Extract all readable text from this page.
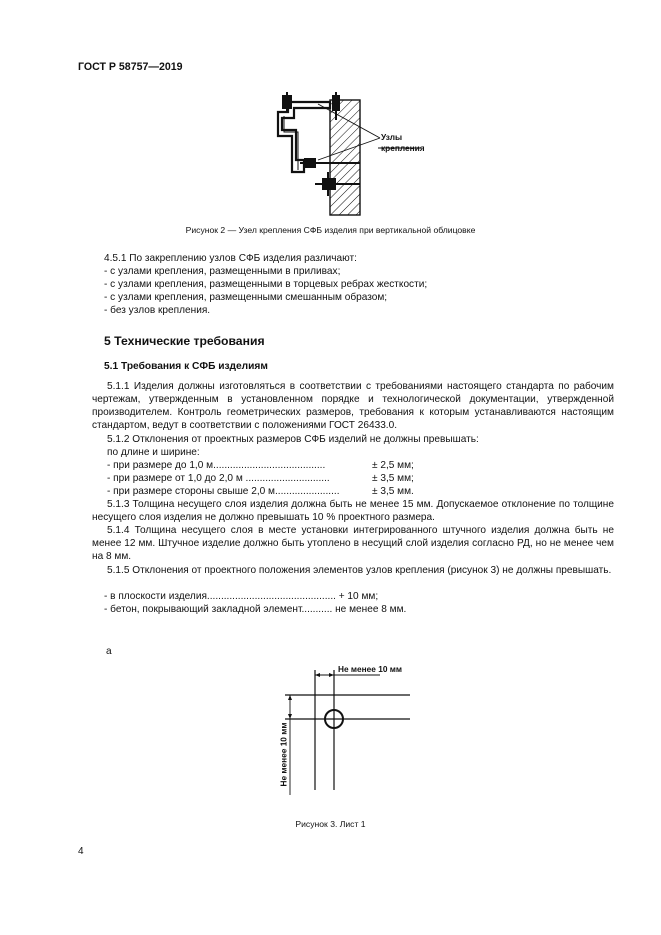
ГОСТ Р 58757—2019
Узлы
крепления
Рисунок 2 — Узел крепления СФБ изделия при вертикальной облицовке
4.5.1 По закреплению узлов СФБ изделия различают:
- с узлами крепления, размещенными в приливах;
- с узлами крепления, размещенными в торцевых ребрах жесткости;
- с узлами крепления, размещенными смешанным образом;
- без узлов крепления.
5 Технические требования
5.1 Требования к СФБ изделиям
5.1.1 Изделия должны изготовляться в соответствии с требованиями настоящего стандарта по рабочим чертежам, утвержденным в установленном порядке и технологической документации, утвержденной производителем. Контроль геометрических размеров, требования к которым устанавливаются настоящим стандартом, ведут в соответствии с положениями ГОСТ 26433.0.
5.1.2 Отклонения от проектных размеров СФБ изделий не должны превышать:
по длине и ширине:
- при размере до 1,0 м........................................	± 2,5 мм;
- при размере от 1,0 до 2,0 м ..............................	± 3,5 мм;
- при размере стороны свыше 2,0 м.......................	± 3,5 мм.
5.1.3 Толщина несущего слоя изделия должна быть не менее 15 мм. Допускаемое отклонение по толщине несущего слоя изделия не должно превышать 10 % проектного размера.
5.1.4 Толщина несущего слоя в месте установки интегрированного штучного изделия должна быть не менее 12 мм. Штучное изделие должно быть утоплено в несущий слой изделия согласно РД, но не менее чем на 8 мм.
5.1.5 Отклонения от проектного положения элементов узлов крепления (рисунок 3) не должны превышать.
- в плоскости изделия.............................................. + 10 мм;
- бетон, покрывающий закладной элемент........... не менее 8 мм.
а
Не менее 10 мм
Не менее 10 мм
Рисунок 3. Лист 1
4
